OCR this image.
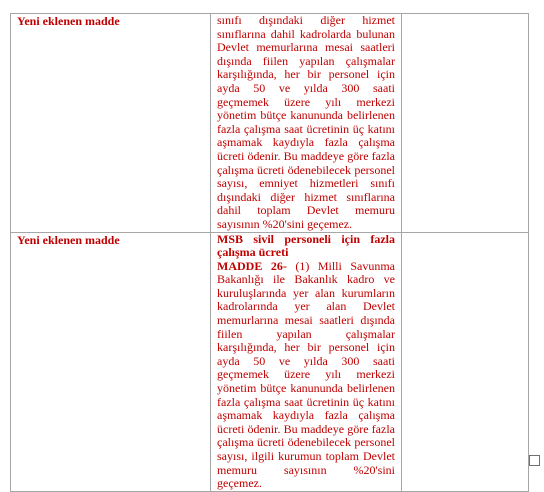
Yeni eklenen madde	sınıfı dışındaki diğer hizmet sınıflarına dahil kadrolarda bulunan Devlet memurlarına mesai saatleri dışında fiilen yapılan çalışmalar karşılığında, her bir personel için ayda 50 ve yılda 300 saati geçmemek üzere yılı merkezi yönetim bütçe kanununda belirlenen fazla çalışma saat ücretinin üç katını aşmamak kaydıyla fazla çalışma ücreti ödenir. Bu maddeye göre fazla çalışma ücreti ödenebilecek personel sayısı, emniyet hizmetleri sınıfı dışındaki diğer hizmet sınıflarına dahil toplam Devlet memuru sayısının %20'sini geçemez.	

Yeni eklenen madde	MSB sivil personeli için fazla çalışma ücreti
MADDE 26- (1) Milli Savunma Bakanlığı ile Bakanlık kadro ve kuruluşlarında yer alan kurumların kadrolarında yer alan Devlet memurlarına mesai saatleri dışında fiilen yapılan çalışmalar karşılığında, her bir personel için ayda 50 ve yılda 300 saati geçmemek üzere yılı merkezi yönetim bütçe kanununda belirlenen fazla çalışma saat ücretinin üç katını aşmamak kaydıyla fazla çalışma ücreti ödenir. Bu maddeye göre fazla çalışma ücreti ödenebilecek personel sayısı, ilgili kurumun toplam Devlet memuru sayısının %20'sini geçemez.	
